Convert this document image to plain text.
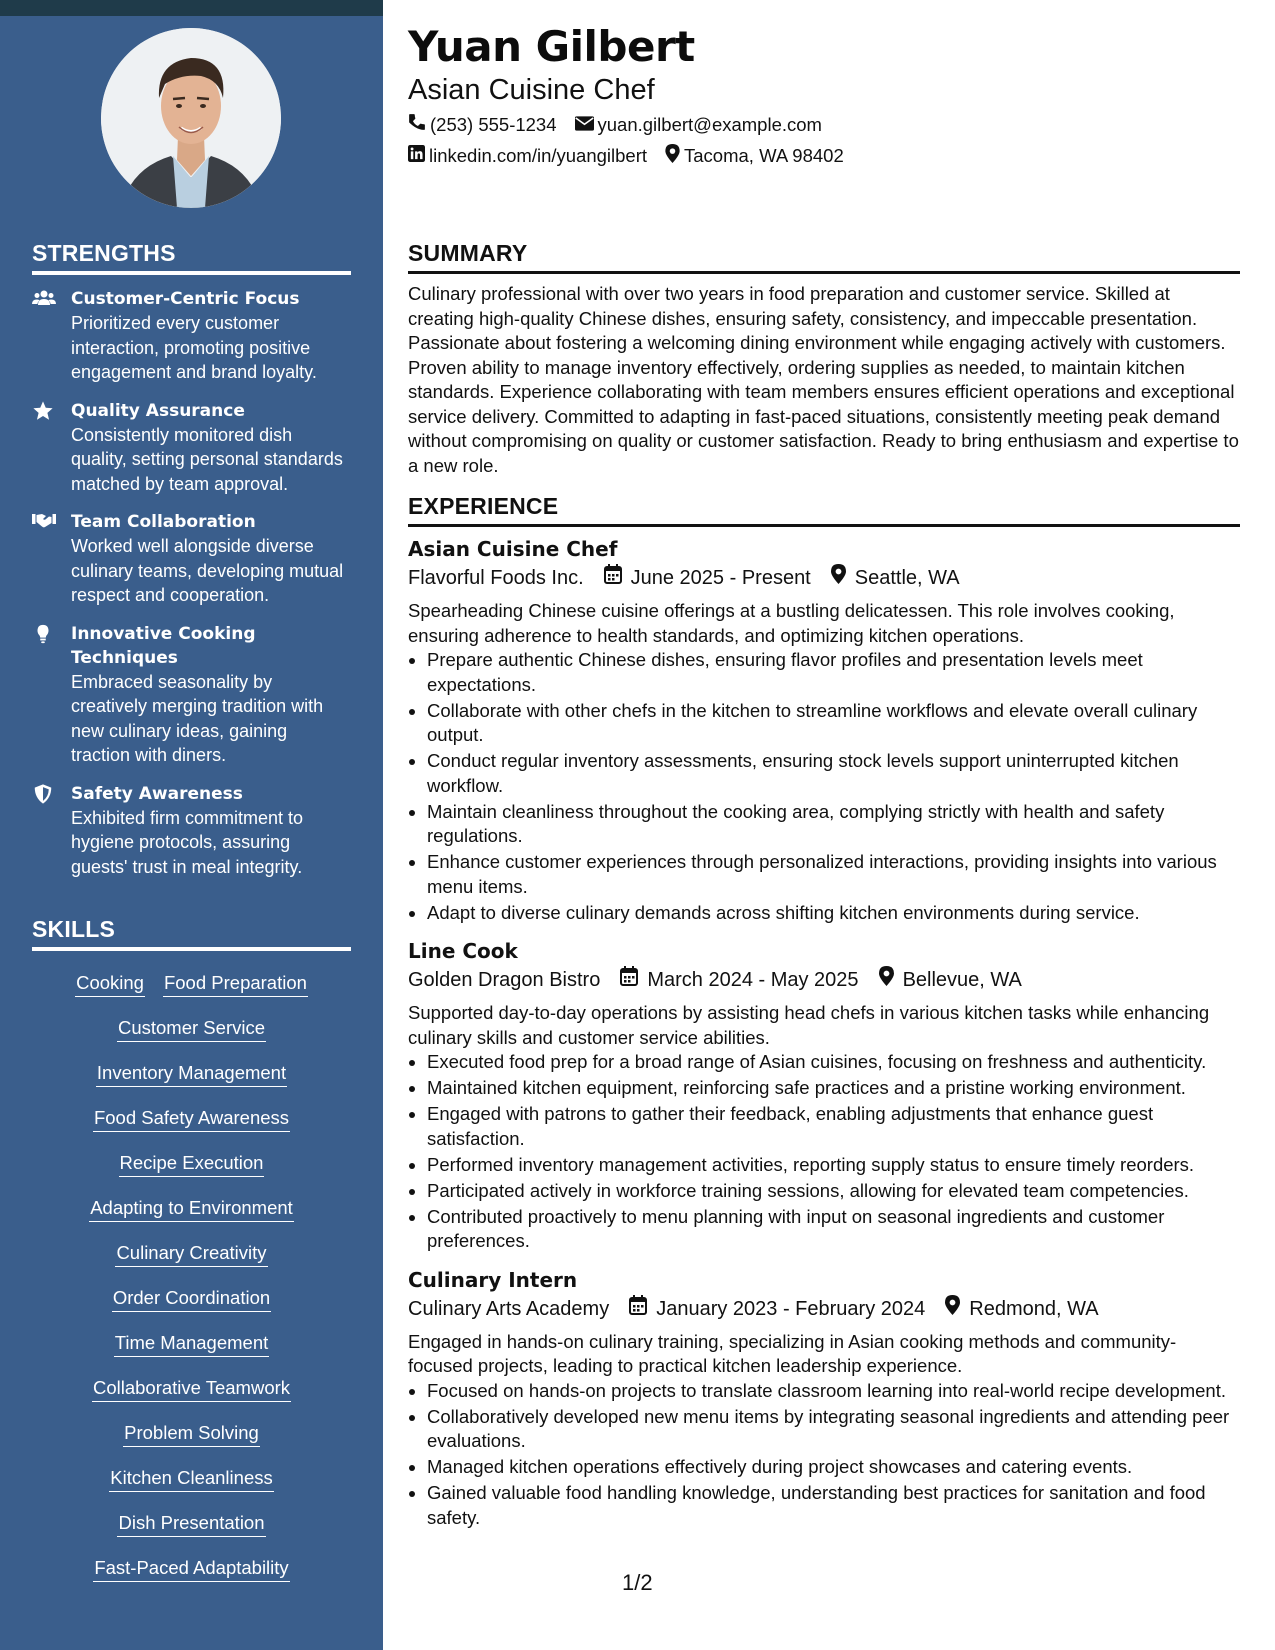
STRENGTHS
Customer-Centric Focus
Prioritized every customer interaction, promoting positive engagement and brand loyalty.
Quality Assurance
Consistently monitored dish quality, setting personal standards matched by team approval.
Team Collaboration
Worked well alongside diverse culinary teams, developing mutual respect and cooperation.
Innovative Cooking Techniques
Embraced seasonality by creatively merging tradition with new culinary ideas, gaining traction with diners.
Safety Awareness
Exhibited firm commitment to hygiene protocols, assuring guests' trust in meal integrity.
SKILLS
Cooking Food Preparation
Customer Service
Inventory Management
Food Safety Awareness
Recipe Execution
Adapting to Environment
Culinary Creativity
Order Coordination
Time Management
Collaborative Teamwork
Problem Solving
Kitchen Cleanliness
Dish Presentation
Fast-Paced Adaptability
Yuan Gilbert
Asian Cuisine Chef
(253) 555-1234 yuan.gilbert@example.com
linkedin.com/in/yuangilbert Tacoma, WA 98402
SUMMARY
Culinary professional with over two years in food preparation and customer service. Skilled at creating high-quality Chinese dishes, ensuring safety, consistency, and impeccable presentation. Passionate about fostering a welcoming dining environment while engaging actively with customers. Proven ability to manage inventory effectively, ordering supplies as needed, to maintain kitchen standards. Experience collaborating with team members ensures efficient operations and exceptional service delivery. Committed to adapting in fast-paced situations, consistently meeting peak demand without compromising on quality or customer satisfaction. Ready to bring enthusiasm and expertise to a new role.
EXPERIENCE
Asian Cuisine Chef
Flavorful Foods Inc. June 2025 - Present Seattle, WA
Spearheading Chinese cuisine offerings at a bustling delicatessen. This role involves cooking, ensuring adherence to health standards, and optimizing kitchen operations.
• Prepare authentic Chinese dishes, ensuring flavor profiles and presentation levels meet expectations.
• Collaborate with other chefs in the kitchen to streamline workflows and elevate overall culinary output.
• Conduct regular inventory assessments, ensuring stock levels support uninterrupted kitchen workflow.
• Maintain cleanliness throughout the cooking area, complying strictly with health and safety regulations.
• Enhance customer experiences through personalized interactions, providing insights into various menu items.
• Adapt to diverse culinary demands across shifting kitchen environments during service.
Line Cook
Golden Dragon Bistro March 2024 - May 2025 Bellevue, WA
Supported day-to-day operations by assisting head chefs in various kitchen tasks while enhancing culinary skills and customer service abilities.
• Executed food prep for a broad range of Asian cuisines, focusing on freshness and authenticity.
• Maintained kitchen equipment, reinforcing safe practices and a pristine working environment.
• Engaged with patrons to gather their feedback, enabling adjustments that enhance guest satisfaction.
• Performed inventory management activities, reporting supply status to ensure timely reorders.
• Participated actively in workforce training sessions, allowing for elevated team competencies.
• Contributed proactively to menu planning with input on seasonal ingredients and customer preferences.
Culinary Intern
Culinary Arts Academy January 2023 - February 2024 Redmond, WA
Engaged in hands-on culinary training, specializing in Asian cooking methods and community-focused projects, leading to practical kitchen leadership experience.
• Focused on hands-on projects to translate classroom learning into real-world recipe development.
• Collaboratively developed new menu items by integrating seasonal ingredients and attending peer evaluations.
• Managed kitchen operations effectively during project showcases and catering events.
• Gained valuable food handling knowledge, understanding best practices for sanitation and food safety.
1/2
